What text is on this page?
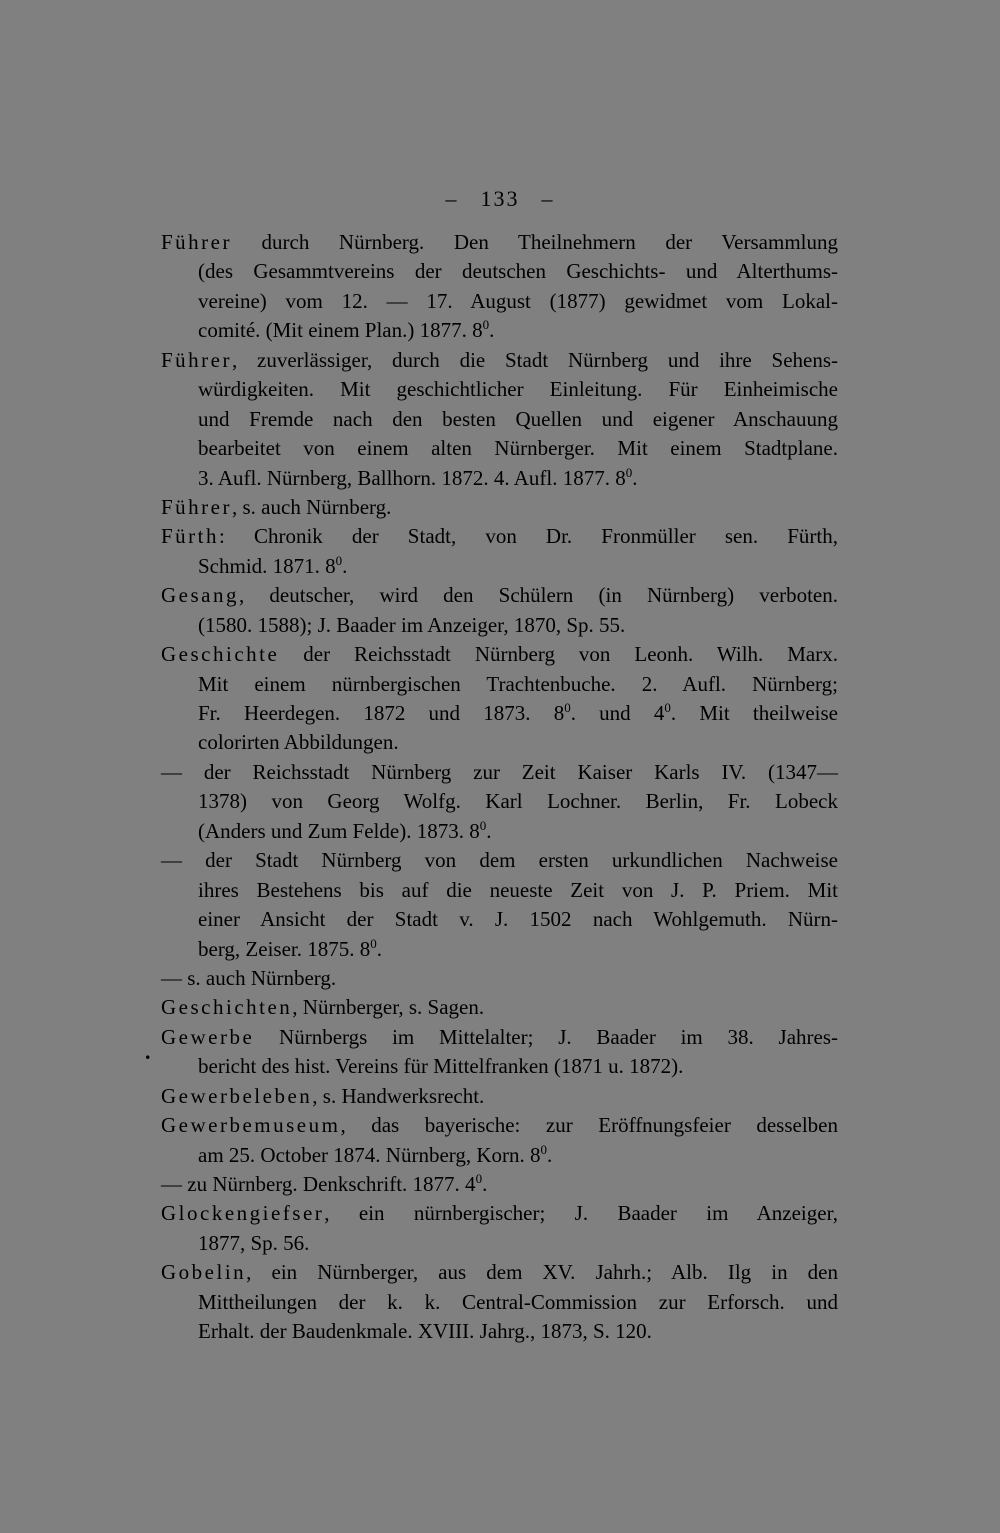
– 133 –
.
Führer durch Nürnberg. Den Theilnehmern der Versammlung
(des Gesammtvereins der deutschen Geschichts- und Alterthums-
vereine) vom 12. — 17. August (1877) gewidmet vom Lokal-
comité. (Mit einem Plan.) 1877. $8^0$.
Führer, zuverlässiger, durch die Stadt Nürnberg und ihre Sehens-
würdigkeiten. Mit geschichtlicher Einleitung. Für Einheimische
und Fremde nach den besten Quellen und eigener Anschauung
bearbeitet von einem alten Nürnberger. Mit einem Stadtplane.
3. Aufl. Nürnberg, Ballhorn. 1872. 4. Aufl. 1877. $8^0$.
Führer, s. auch Nürnberg.
Fürth: Chronik der Stadt, von Dr. Fronmüller sen. Fürth,
Schmid. 1871. $8^0$.
Gesang, deutscher, wird den Schülern (in Nürnberg) verboten.
(1580. 1588); J. Baader im Anzeiger, 1870, Sp. 55.
Geschichte der Reichsstadt Nürnberg von Leonh. Wilh. Marx.
Mit einem nürnbergischen Trachtenbuche. 2. Aufl. Nürnberg;
Fr. Heerdegen. 1872 und 1873. $8^0$. und $4^0$. Mit theilweise
colorirten Abbildungen.
— der Reichsstadt Nürnberg zur Zeit Kaiser Karls IV. (1347—
1378) von Georg Wolfg. Karl Lochner. Berlin, Fr. Lobeck
(Anders und Zum Felde). 1873. $8^0$.
— der Stadt Nürnberg von dem ersten urkundlichen Nachweise
ihres Bestehens bis auf die neueste Zeit von J. P. Priem. Mit
einer Ansicht der Stadt v. J. 1502 nach Wohlgemuth. Nürn-
berg, Zeiser. 1875. $8^0$.
— s. auch Nürnberg.
Geschichten, Nürnberger, s. Sagen.
Gewerbe Nürnbergs im Mittelalter; J. Baader im 38. Jahres-
bericht des hist. Vereins für Mittelfranken (1871 u. 1872).
Gewerbeleben, s. Handwerksrecht.
Gewerbemuseum, das bayerische: zur Eröffnungsfeier desselben
am 25. October 1874. Nürnberg, Korn. $8^0$.
— zu Nürnberg. Denkschrift. 1877. $4^0$.
Glockengiefser, ein nürnbergischer; J. Baader im Anzeiger,
1877, Sp. 56.
Gobelin, ein Nürnberger, aus dem XV. Jahrh.; Alb. Ilg in den
Mittheilungen der k. k. Central-Commission zur Erforsch. und
Erhalt. der Baudenkmale. XVIII. Jahrg., 1873, S. 120.
